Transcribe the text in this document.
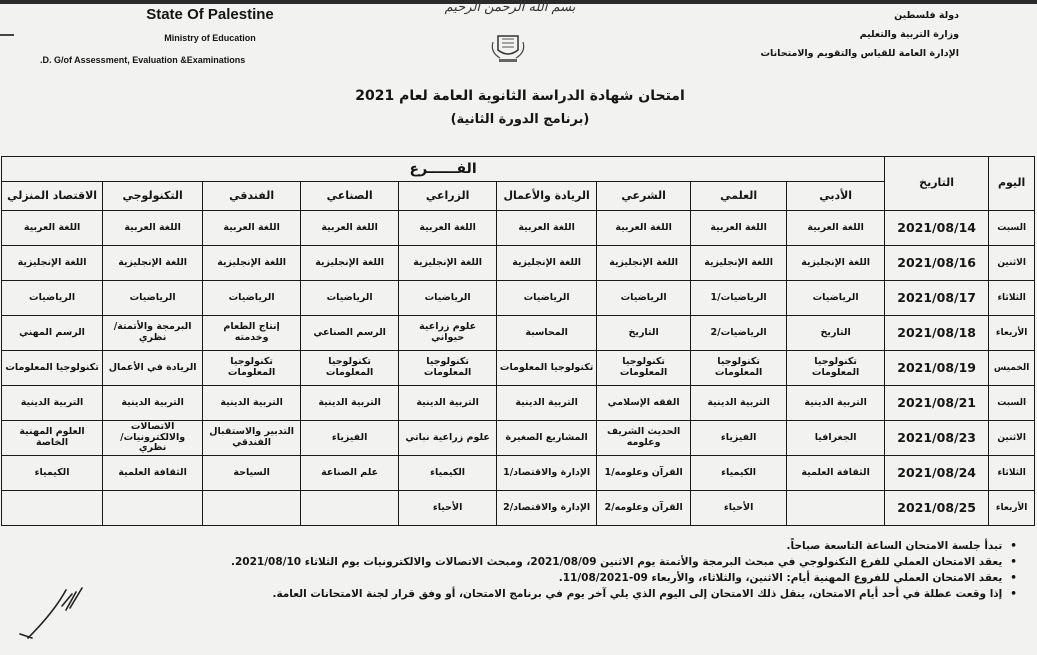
State Of Palestine
Ministry of Education
.D. G/of Assessment, Evaluation &Examinations
بسم الله الرحمن الرحيم
دولة فلسطين
وزارة التربية والتعليم
الإدارة العامة للقياس والتقويم والامتحانات
امتحان شهادة الدراسة الثانوية العامة لعام 2021
(برنامج الدورة الثانية)
اليوم	التاريخ	الفــــــرع								
		الأدبي	العلمي	الشرعي	الريادة والأعمال	الزراعي	الصناعي	الفندقي	التكنولوجي	الاقتصاد المنزلي
السبت	2021/08/14	اللغة العربية	اللغة العربية	اللغة العربية	اللغة العربية	اللغة العربية	اللغة العربية	اللغة العربية	اللغة العربية	اللغة العربية
الاثنين	2021/08/16	اللغة الإنجليزية	اللغة الإنجليزية	اللغة الإنجليزية	اللغة الإنجليزية	اللغة الإنجليزية	اللغة الإنجليزية	اللغة الإنجليزية	اللغة الإنجليزية	اللغة الإنجليزية
الثلاثاء	2021/08/17	الرياضيات	الرياضيات/1	الرياضيات	الرياضيات	الرياضيات	الرياضيات	الرياضيات	الرياضيات	الرياضيات
الأربعاء	2021/08/18	التاريخ	الرياضيات/2	التاريخ	المحاسبة	علوم زراعية حيواني	الرسم الصناعي	إنتاج الطعام وخدمته	البرمجة والأتمتة/ نظري	الرسم المهني
الخميس	2021/08/19	تكنولوجيا المعلومات	تكنولوجيا المعلومات	تكنولوجيا المعلومات	تكنولوجيا المعلومات	تكنولوجيا المعلومات	تكنولوجيا المعلومات	تكنولوجيا المعلومات	الريادة في الأعمال	تكنولوجيا المعلومات
السبت	2021/08/21	التربية الدينية	التربية الدينية	الفقه الإسلامي	التربية الدينية	التربية الدينية	التربية الدينية	التربية الدينية	التربية الدينية	التربية الدينية
الاثنين	2021/08/23	الجغرافيا	الفيزياء	الحديث الشريف وعلومه	المشاريع الصغيرة	علوم زراعية نباتي	الفيزياء	التدبير والاستقبال الفندقي	الاتصالات والالكترونيات/ نظري	العلوم المهنية الخاصة
الثلاثاء	2021/08/24	الثقافة العلمية	الكيمياء	القرآن وعلومه/1	الإدارة والاقتصاد/1	الكيمياء	علم الصناعة	السياحة	الثقافة العلمية	الكيمياء
الأربعاء	2021/08/25		الأحياء	القرآن وعلومه/2	الإدارة والاقتصاد/2	الأحياء				
• تبدأ جلسة الامتحان الساعة التاسعة صباحاً.
• يعقد الامتحان العملي للفرع التكنولوجي في مبحث البرمجة والأتمتة يوم الاثنين 2021/08/09، ومبحث الاتصالات والالكترونيات يوم الثلاثاء 2021/08/10.
• يعقد الامتحان العملي للفروع المهنية أيام: الاثنين، والثلاثاء، والأربعاء 09-11/08/2021.
• إذا وقعت عطلة في أحد أيام الامتحان، ينقل ذلك الامتحان إلى اليوم الذي يلي آخر يوم في برنامج الامتحان، أو وفق قرار لجنة الامتحانات العامة.
